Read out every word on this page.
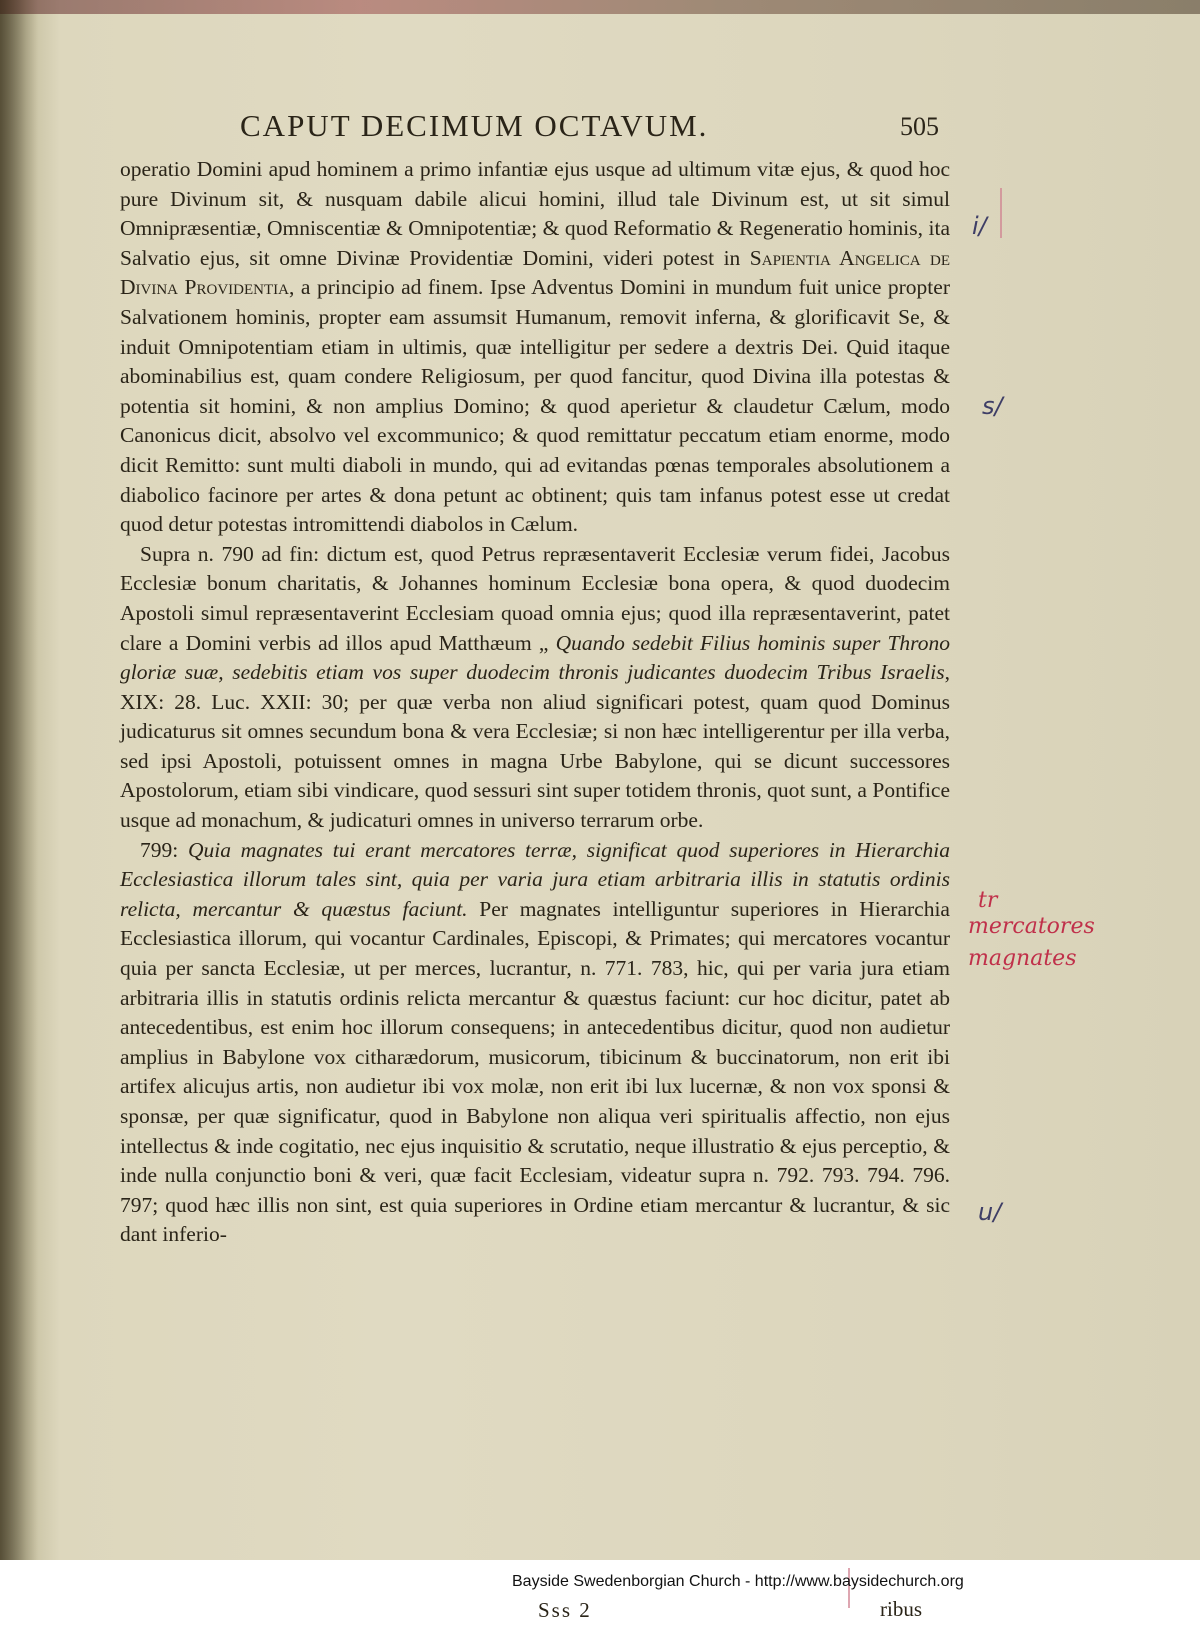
CAPUT DECIMUM OCTAVUM.	505

operatio Domini apud hominem a primo infantiæ ejus usque ad ultimum vitæ ejus, & quod hoc pure Divinum sit, & nusquam dabile alicui homini, illud tale Divinum est, ut sit simul Omnipræsentiæ, Omniscentiæ & Omnipotentiæ; & quod Reformatio & Regeneratio hominis, ita Salvatio ejus, sit omne Divinæ Providentiæ Domini, videri potest in Sapientia Angelica de Divina Providentia, a principio ad finem. Ipse Adventus Domini in mundum fuit unice propter Salvationem hominis, propter eam assumsit Humanum, removit inferna, & glorificavit Se, & induit Omnipotentiam etiam in ultimis, quæ intelligitur per sedere a dextris Dei. Quid itaque abominabilius est, quam condere Religiosum, per quod fancitur, quod Divina illa potestas & potentia sit homini, & non amplius Domino; & quod aperietur & claudetur Cælum, modo Canonicus dicit, absolvo vel excommunico; & quod remittatur peccatum etiam enorme, modo dicit Remitto: sunt multi diaboli in mundo, qui ad evitandas pœnas temporales absolutionem a diabolico facinore per artes & dona petunt ac obtinent; quis tam infanus potest esse ut credat quod detur potestas intromittendi diabolos in Cælum.

Supra n. 790 ad fin: dictum est, quod Petrus repræsentaverit Ecclesiæ verum fidei, Jacobus Ecclesiæ bonum charitatis, & Johannes hominum Ecclesiæ bona opera, & quod duodecim Apostoli simul repræsentaverint Ecclesiam quoad omnia ejus; quod illa repræsentaverint, patet clare a Domini verbis ad illos apud Matthæum „ Quando sedebit Filius hominis super Throno gloriæ suæ, sedebitis etiam vos super duodecim thronis judicantes duodecim Tribus Israelis, XIX: 28. Luc. XXII: 30; per quæ verba non aliud significari potest, quam quod Dominus judicaturus sit omnes secundum bona & vera Ecclesiæ; si non hæc intelligerentur per illa verba, sed ipsi Apostoli, potuissent omnes in magna Urbe Babylone, qui se dicunt successores Apostolorum, etiam sibi vindicare, quod sessuri sint super totidem thronis, quot sunt, a Pontifice usque ad monachum, & judicaturi omnes in universo terrarum orbe.

799: Quia magnates tui erant mercatores terræ, significat quod superiores in Hierarchia Ecclesiastica illorum tales sint, quia per varia jura etiam arbitraria illis in statutis ordinis relicta, mercantur & quæstus faciunt. Per magnates intelliguntur superiores in Hierarchia Ecclesiastica illorum, qui vocantur Cardinales, Episcopi, & Primates; qui mercatores vocantur quia per sancta Ecclesiæ, ut per merces, lucrantur, n. 771. 783, hic, qui per varia jura etiam arbitraria illis in statutis ordinis relicta mercantur & quæstus faciunt: cur hoc dicitur, patet ab antecedentibus, est enim hoc illorum consequens; in antecedentibus dicitur, quod non audietur amplius in Babylone vox citharædorum, musicorum, tibicinum & buccinatorum, non erit ibi artifex alicujus artis, non audietur ibi vox molæ, non erit ibi lux lucernæ, & non vox sponsi & sponsæ, per quæ significatur, quod in Babylone non aliqua veri spiritualis affectio, non ejus intellectus & inde cogitatio, nec ejus inquisitio & scrutatio, neque illustratio & ejus perceptio, & inde nulla conjunctio boni & veri, quæ facit Ecclesiam, videatur supra n. 792. 793. 794. 796. 797; quod hæc illis non sint, est quia superiores in Ordine etiam mercantur & lucrantur, & sic dant inferio-

Sss 2	ribus
i/
s/
u/
tr
mercatores
magnates
Bayside Swedenborgian Church - http://www.baysidechurch.org
